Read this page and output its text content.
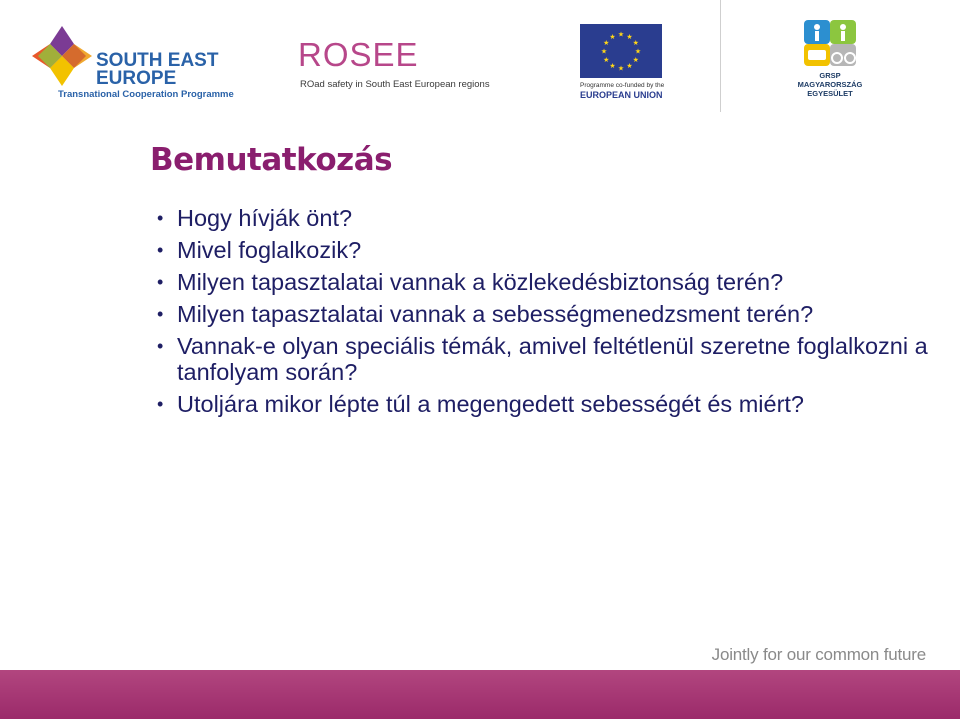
SOUTH EAST
EUROPE
Transnational Cooperation Programme
ROSEE
ROad safety in South East European regions
★ ★
★
★
★
★
★
★
★
★
★
★
Programme co-funded by the
EUROPEAN UNION
GRSP
MAGYARORSZÁG
EGYESÜLET
Bemutatkozás
• Hogy hívják önt?
• Mivel foglalkozik?
• Milyen tapasztalatai vannak a közlekedésbiztonság terén?
• Milyen tapasztalatai vannak a sebességmenedzsment terén?
• Vannak-e olyan speciális témák, amivel feltétlenül szeretne foglalkozni a tanfolyam során?
• Utoljára mikor lépte túl a megengedett sebességét és miért?
Jointly for our common future
